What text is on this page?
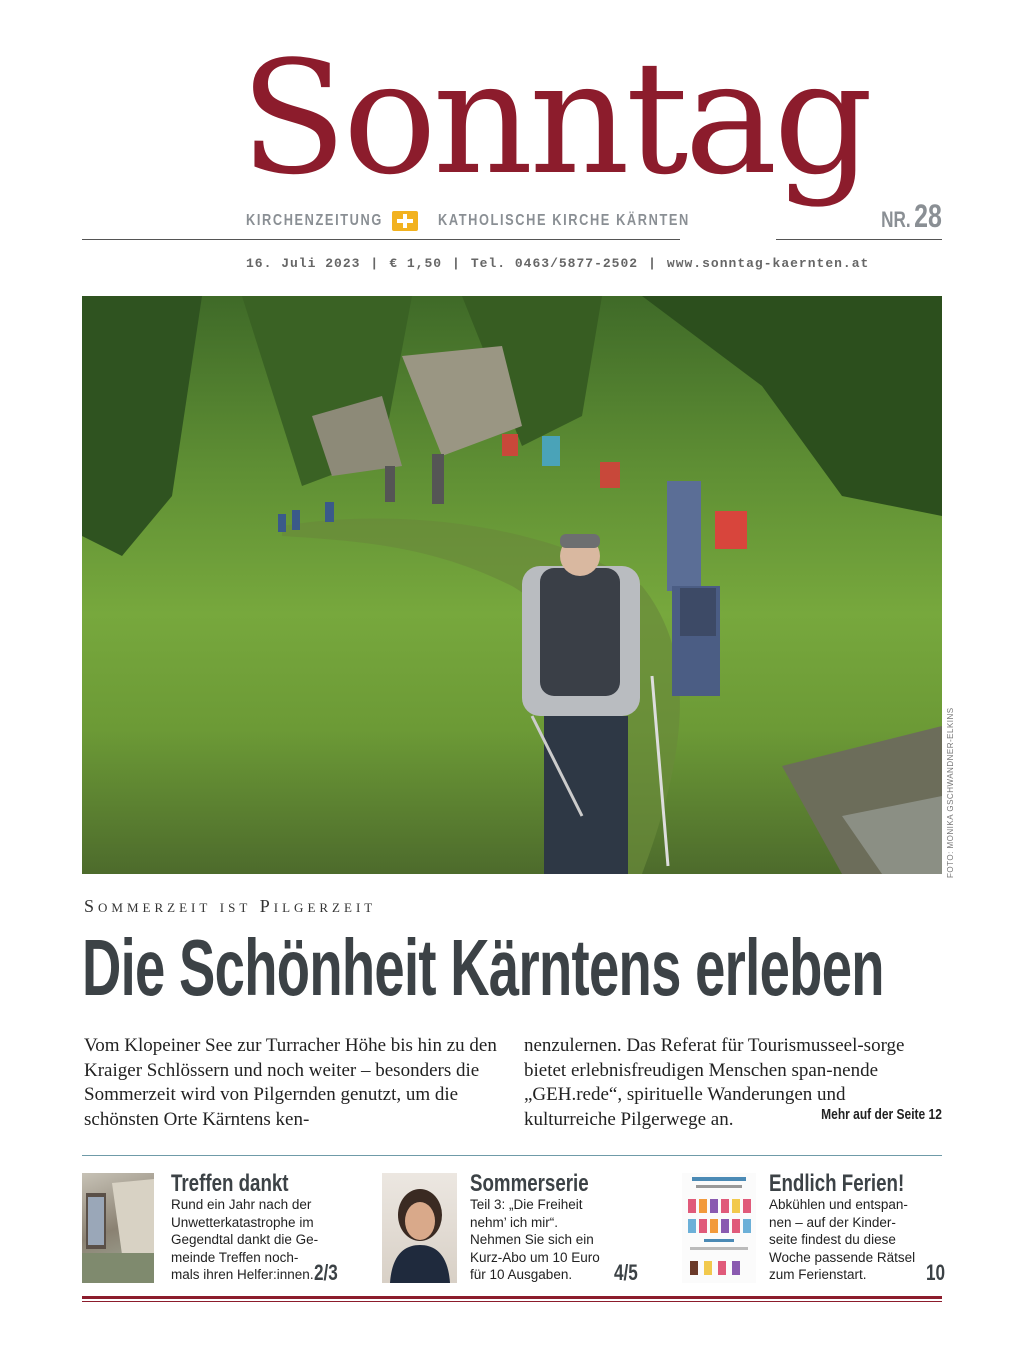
Sonntag
KIRCHENZEITUNG	KATHOLISCHE KIRCHE KÄRNTEN	NR. 28
16. Juli 2023 | € 1,50 | Tel. 0463/5877-2502 | www.sonntag-kaernten.at
FOTO: MONIKA GSCHWANDNER-ELKINS
Sommerzeit ist Pilgerzeit
Die Schönheit Kärntens erleben
Vom Klopeiner See zur Turracher Höhe bis hin zu den Kraiger Schlössern und noch weiter – besonders die Sommerzeit wird von Pilgernden genutzt, um die schönsten Orte Kärntens ken-
nenzulernen. Das Referat für Tourismusseel-sorge bietet erlebnisfreudigen Menschen span-nende „GEH.rede“, spirituelle Wanderungen und kulturreiche Pilgerwege an.	Mehr auf der Seite 12
Treffen dankt
Rund ein Jahr nach der Unwetterkatastrophe im Gegendtal dankt die Ge-meinde Treffen noch-mals ihren Helfer:innen. 2/3
Sommerserie
Teil 3: „Die Freiheit nehm’ ich mir“. Nehmen Sie sich ein Kurz-Abo um 10 Euro für 10 Ausgaben.	4/5
Endlich Ferien!
Abkühlen und entspan-nen – auf der Kinder-seite findest du diese Woche passende Rätsel zum Ferienstart.	10
